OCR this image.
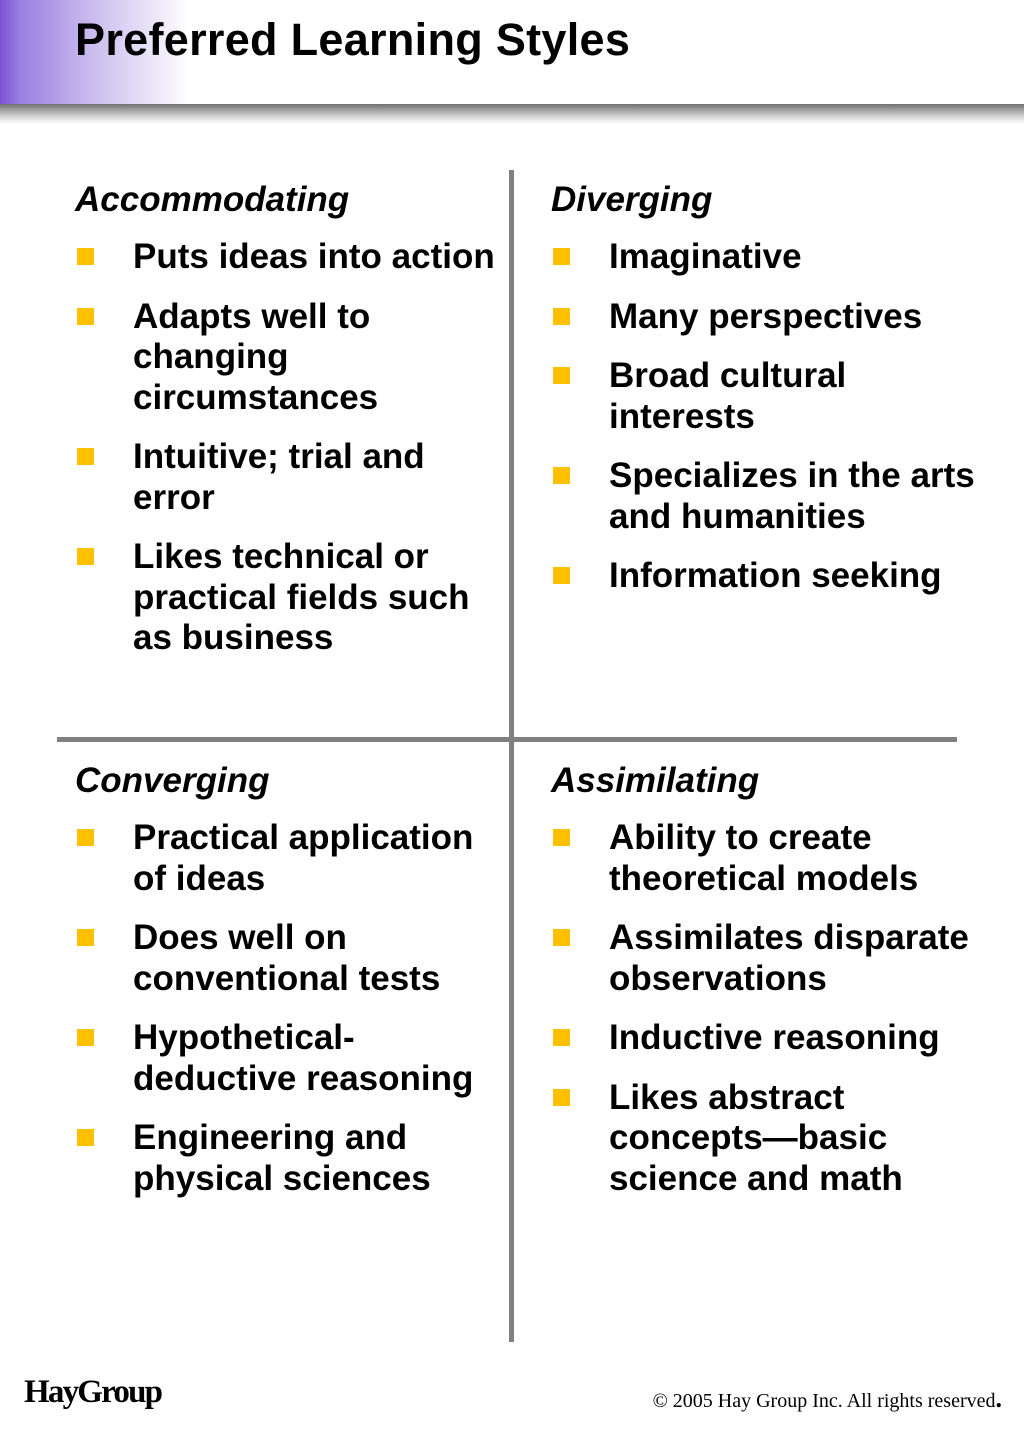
Preferred Learning Styles
Accommodating
Puts ideas into action
Adapts well to changing circumstances
Intuitive; trial and error
Likes technical or practical fields such as business
Diverging
Imaginative
Many perspectives
Broad cultural interests
Specializes in the arts and humanities
Information seeking
Converging
Practical application of ideas
Does well on conventional tests
Hypothetical-deductive reasoning
Engineering and physical sciences
Assimilating
Ability to create theoretical models
Assimilates disparate observations
Inductive reasoning
Likes abstract concepts—basic science and math
HayGroup	© 2005 Hay Group Inc. All rights reserved.
